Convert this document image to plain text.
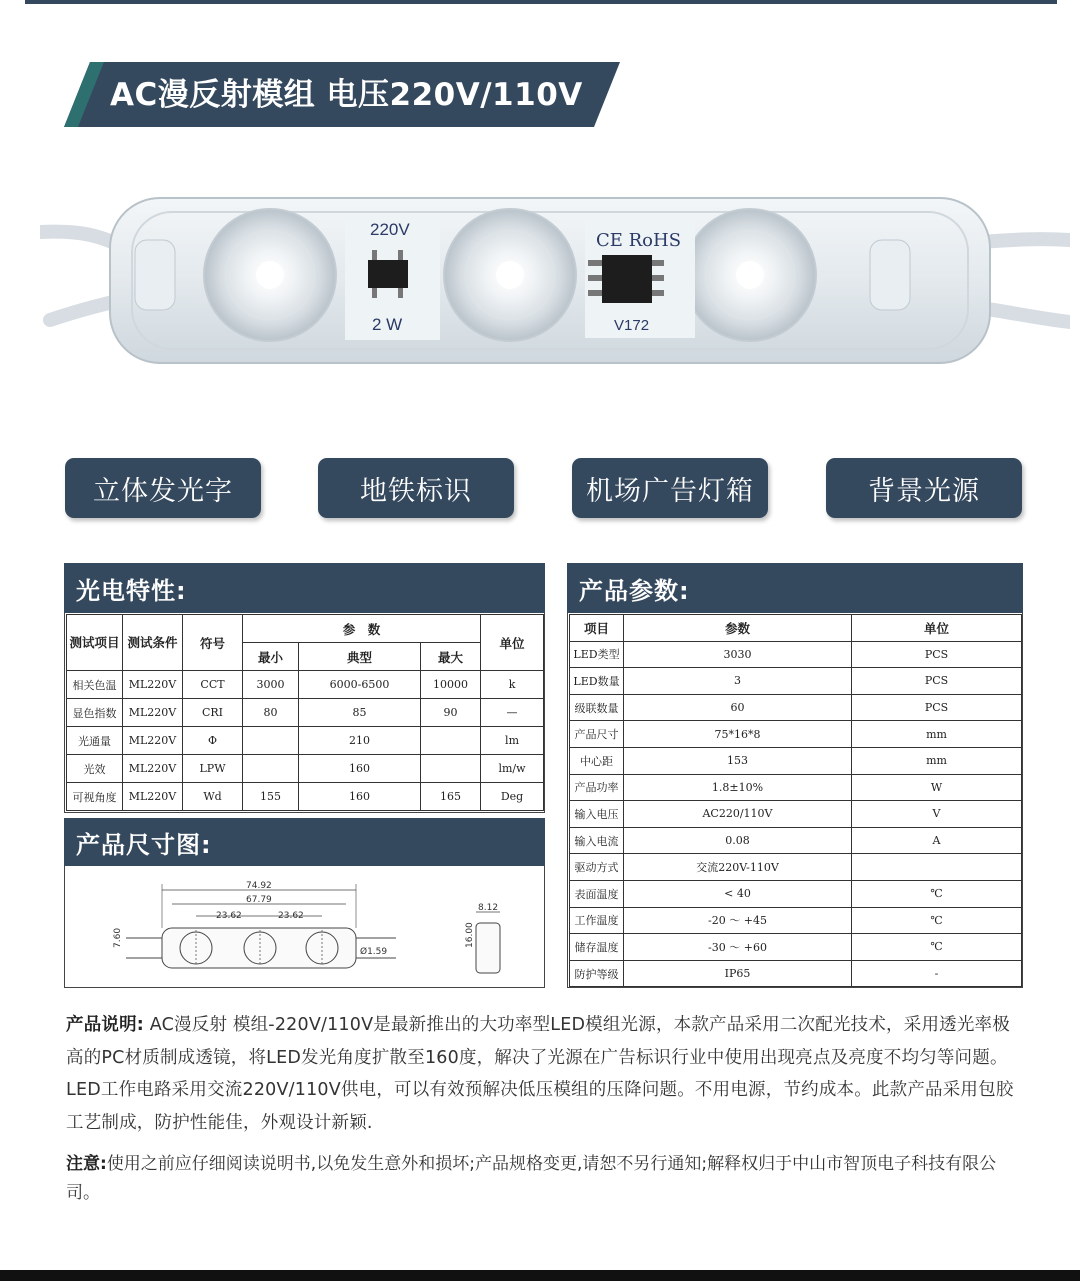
AC漫反射模组 电压220V/110V
220V
2 W
CE RoHS
V172
立体发光字	地铁标识	机场广告灯箱	背景光源
光电特性:
测试项目	测试条件	符号	参　数			单位
			最小	典型	最大	
相关色温	ML220V	CCT	3000	6000-6500	10000	k
显色指数	ML220V	CRI	80	85	90	—
光通量	ML220V	Φ		210		lm
光效	ML220V	LPW		160		lm/w
可视角度	ML220V	Wd	155	160	165	Deg
产品尺寸图:
74.92
67.79
23.62	23.62
7.60
Ø1.59
8.12
16.00
产品参数:
项目	参数	单位
LED类型	3030	PCS
LED数量	3	PCS
级联数量	60	PCS
产品尺寸	75*16*8	mm
中心距	153	mm
产品功率	1.8±10%	W
输入电压	AC220/110V	V
输入电流	0.08	A
驱动方式	交流220V-110V	
表面温度	< 40	℃
工作温度	-20 ～ +45	℃
储存温度	-30 ～ +60	℃
防护等级	IP65	-
产品说明: AC漫反射 模组-220V/110V是最新推出的大功率型LED模组光源，本款产品采用二次配光技术，采用透光率极高的PC材质制成透镜，将LED发光角度扩散至160度，解决了光源在广告标识行业中使用出现亮点及亮度不均匀等问题。LED工作电路采用交流220V/110V供电，可以有效预解决低压模组的压降问题。不用电源，节约成本。此款产品采用包胶工艺制成，防护性能佳，外观设计新颖.
注意:使用之前应仔细阅读说明书,以免发生意外和损坏;产品规格变更,请恕不另行通知;解释权归于中山市智顶电子科技有限公司。
